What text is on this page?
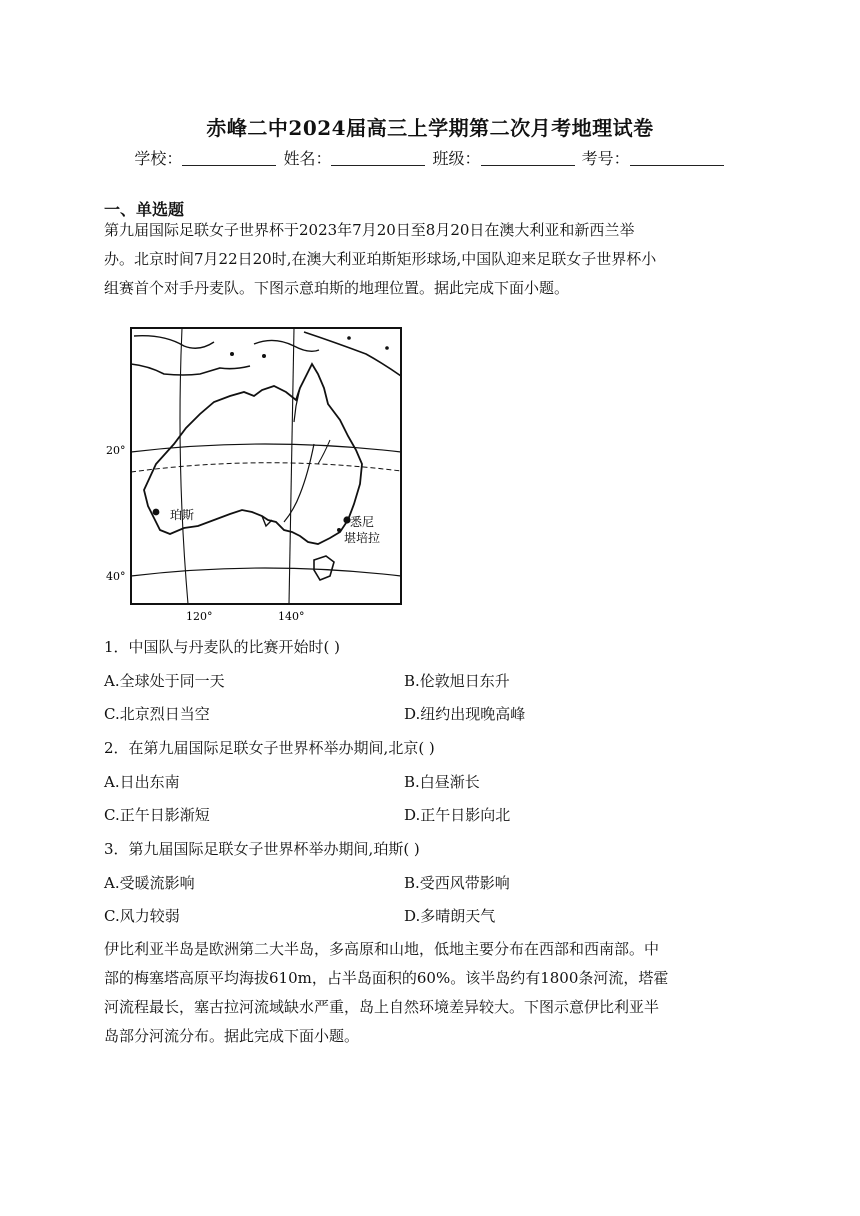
赤峰二中2024届高三上学期第二次月考地理试卷
学校：	姓名：	班级：	考号：
一、单选题
第九届国际足联女子世界杯于2023年7月20日至8月20日在澳大利亚和新西兰举
办。北京时间7月22日20时,在澳大利亚珀斯矩形球场,中国队迎来足联女子世界杯小
组赛首个对手丹麦队。下图示意珀斯的地理位置。据此完成下面小题。
20°
40°
120°	140°
珀斯	悉尼
堪培拉
1．中国队与丹麦队的比赛开始时( )
A.全球处于同一天	B.伦敦旭日东升
C.北京烈日当空	D.纽约出现晚高峰
2．在第九届国际足联女子世界杯举办期间,北京( )
A.日出东南	B.白昼渐长
C.正午日影渐短	D.正午日影向北
3．第九届国际足联女子世界杯举办期间,珀斯( )
A.受暖流影响	B.受西风带影响
C.风力较弱	D.多晴朗天气
伊比利亚半岛是欧洲第二大半岛，多高原和山地，低地主要分布在西部和西南部。中
部的梅塞塔高原平均海拔610m，占半岛面积的60%。该半岛约有1800条河流，塔霍
河流程最长，塞古拉河流域缺水严重，岛上自然环境差异较大。下图示意伊比利亚半
岛部分河流分布。据此完成下面小题。
